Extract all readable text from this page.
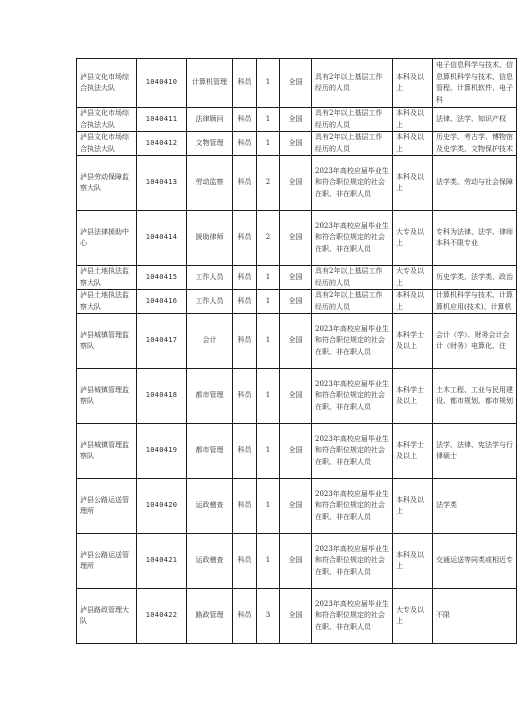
泸县文化市场综合执法大队	1040410	计算机管理	科员	1	全国	具有2年以上基层工作经历的人员	本科及以上	电子信息科学与技术、信息算机科学与技术、信息管程、计算机软件、电子科
泸县文化市场综合执法大队	1040411	法律顾问	科员	1	全国	具有2年以上基层工作经历的人员	本科及以上	法律、法学、知识产权
泸县文化市场综合执法大队	1040412	文物管理	科员	1	全国	具有2年以上基层工作经历的人员	本科及以上	历史学、考古学、博物馆及史学类、文物保护技术
泸县劳动保障监察大队	1040413	劳动监察	科员	2	全国	2023年高校应届毕业生和符合职位规定的社会在职、非在职人员	本科及以上	法学类、劳动与社会保障
泸县法律援助中心	1040414	援助律师	科员	2	全国	2023年高校应届毕业生和符合职位规定的社会在职、非在职人员	大专及以上	专科为法律、法学、律师本科不限专业
泸县土地执法监察大队	1040415	工作人员	科员	1	全国	具有2年以上基层工作经历的人员	大专及以上	历史学类、法学类、政治
泸县土地执法监察大队	1040416	工作人员	科员	1	全国	具有2年以上基层工作经历的人员	本科及以上	计算机科学与技术、计算算机应用(技术)、计算机
泸县城镇管理监察队	1040417	会计	科员	1	全国	2023年高校应届毕业生和符合职位规定的社会在职、非在职人员	本科学士及以上	会计（学）、财务会计会计（财务）电算化、注
泸县城镇管理监察队	1040418	都市管理	科员	1	全国	2023年高校应届毕业生和符合职位规定的社会在职、非在职人员	本科学士及以上	土木工程、工业与民用建设、都市规划、都市规划
泸县城镇管理监察队	1040419	都市管理	科员	1	全国	2023年高校应届毕业生和符合职位规定的社会在职、非在职人员	本科学士及以上	法学、法律、宪法学与行律硕士
泸县公路运送管理所	1040420	运政稽查	科员	1	全国	2023年高校应届毕业生和符合职位规定的社会在职、非在职人员	本科及以上	法学类
泸县公路运送管理所	1040421	运政稽查	科员	1	全国	2023年高校应届毕业生和符合职位规定的社会在职、非在职人员	本科及以上	交通运送等同类或相近专
泸县路政管理大队	1040422	路政管理	科员	3	全国	2023年高校应届毕业生和符合职位规定的社会在职、非在职人员	大专及以上	不限
